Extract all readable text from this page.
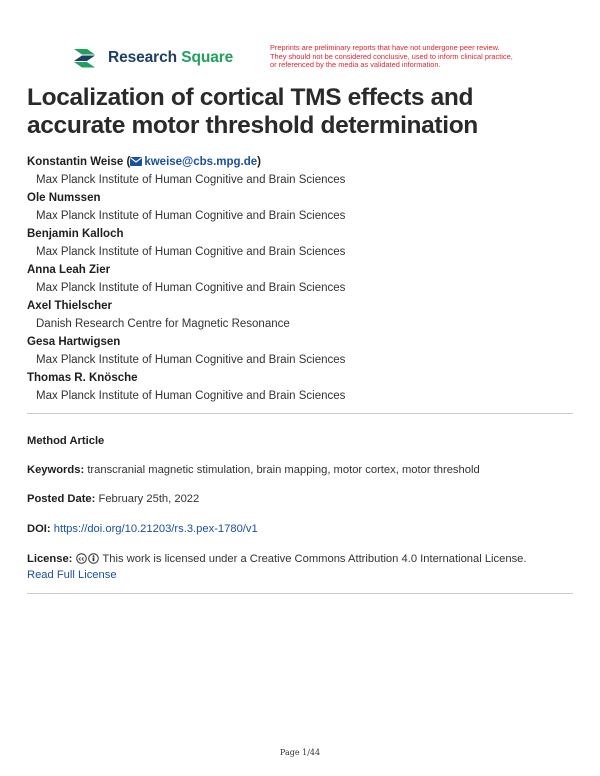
Research Square
Preprints are preliminary reports that have not undergone peer review.
They should not be considered conclusive, used to inform clinical practice,
or referenced by the media as validated information.
Localization of cortical TMS effects and accurate motor threshold determination
Konstantin Weise ( kweise@cbs.mpg.de)
Max Planck Institute of Human Cognitive and Brain Sciences
Ole Numssen
Max Planck Institute of Human Cognitive and Brain Sciences
Benjamin Kalloch
Max Planck Institute of Human Cognitive and Brain Sciences
Anna Leah Zier
Max Planck Institute of Human Cognitive and Brain Sciences
Axel Thielscher
Danish Research Centre for Magnetic Resonance
Gesa Hartwigsen
Max Planck Institute of Human Cognitive and Brain Sciences
Thomas R. Knösche
Max Planck Institute of Human Cognitive and Brain Sciences
Method Article
Keywords: transcranial magnetic stimulation, brain mapping, motor cortex, motor threshold
Posted Date: February 25th, 2022
DOI: https://doi.org/10.21203/rs.3.pex-1780/v1
License: cc This work is licensed under a Creative Commons Attribution 4.0 International License.
Read Full License
Page 1/44
